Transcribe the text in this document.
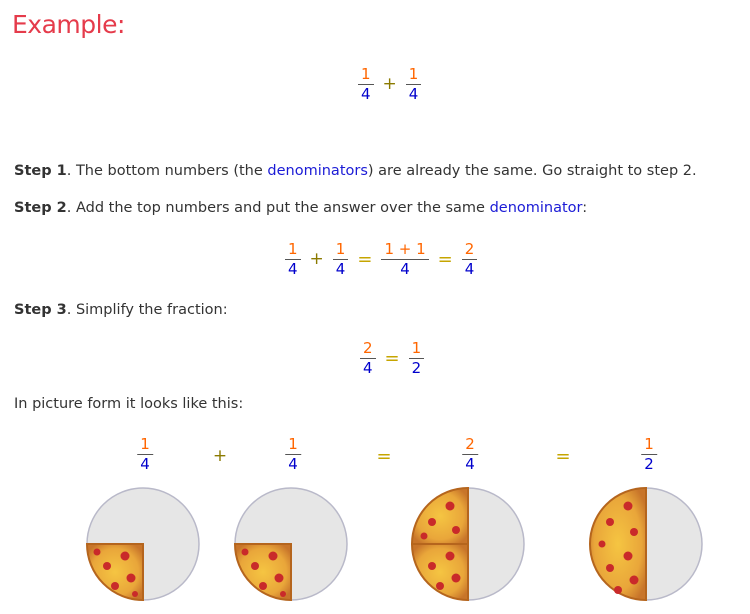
Example:
$\frac{1}{4} + \frac{1}{4}$
Step 1. The bottom numbers (the denominators) are already the same. Go straight to step 2.
Step 2. Add the top numbers and put the answer over the same denominator:
$\frac{1}{4} + \frac{1}{4} = \frac{1 + 1}{4} = \frac{2}{4}$
Step 3. Simplify the fraction:
$\frac{2}{4} = \frac{1}{2}$
In picture form it looks like this:
$\frac{1}{4}$	+	$\frac{1}{4}$	=	$\frac{2}{4}$	=	$\frac{1}{2}$
